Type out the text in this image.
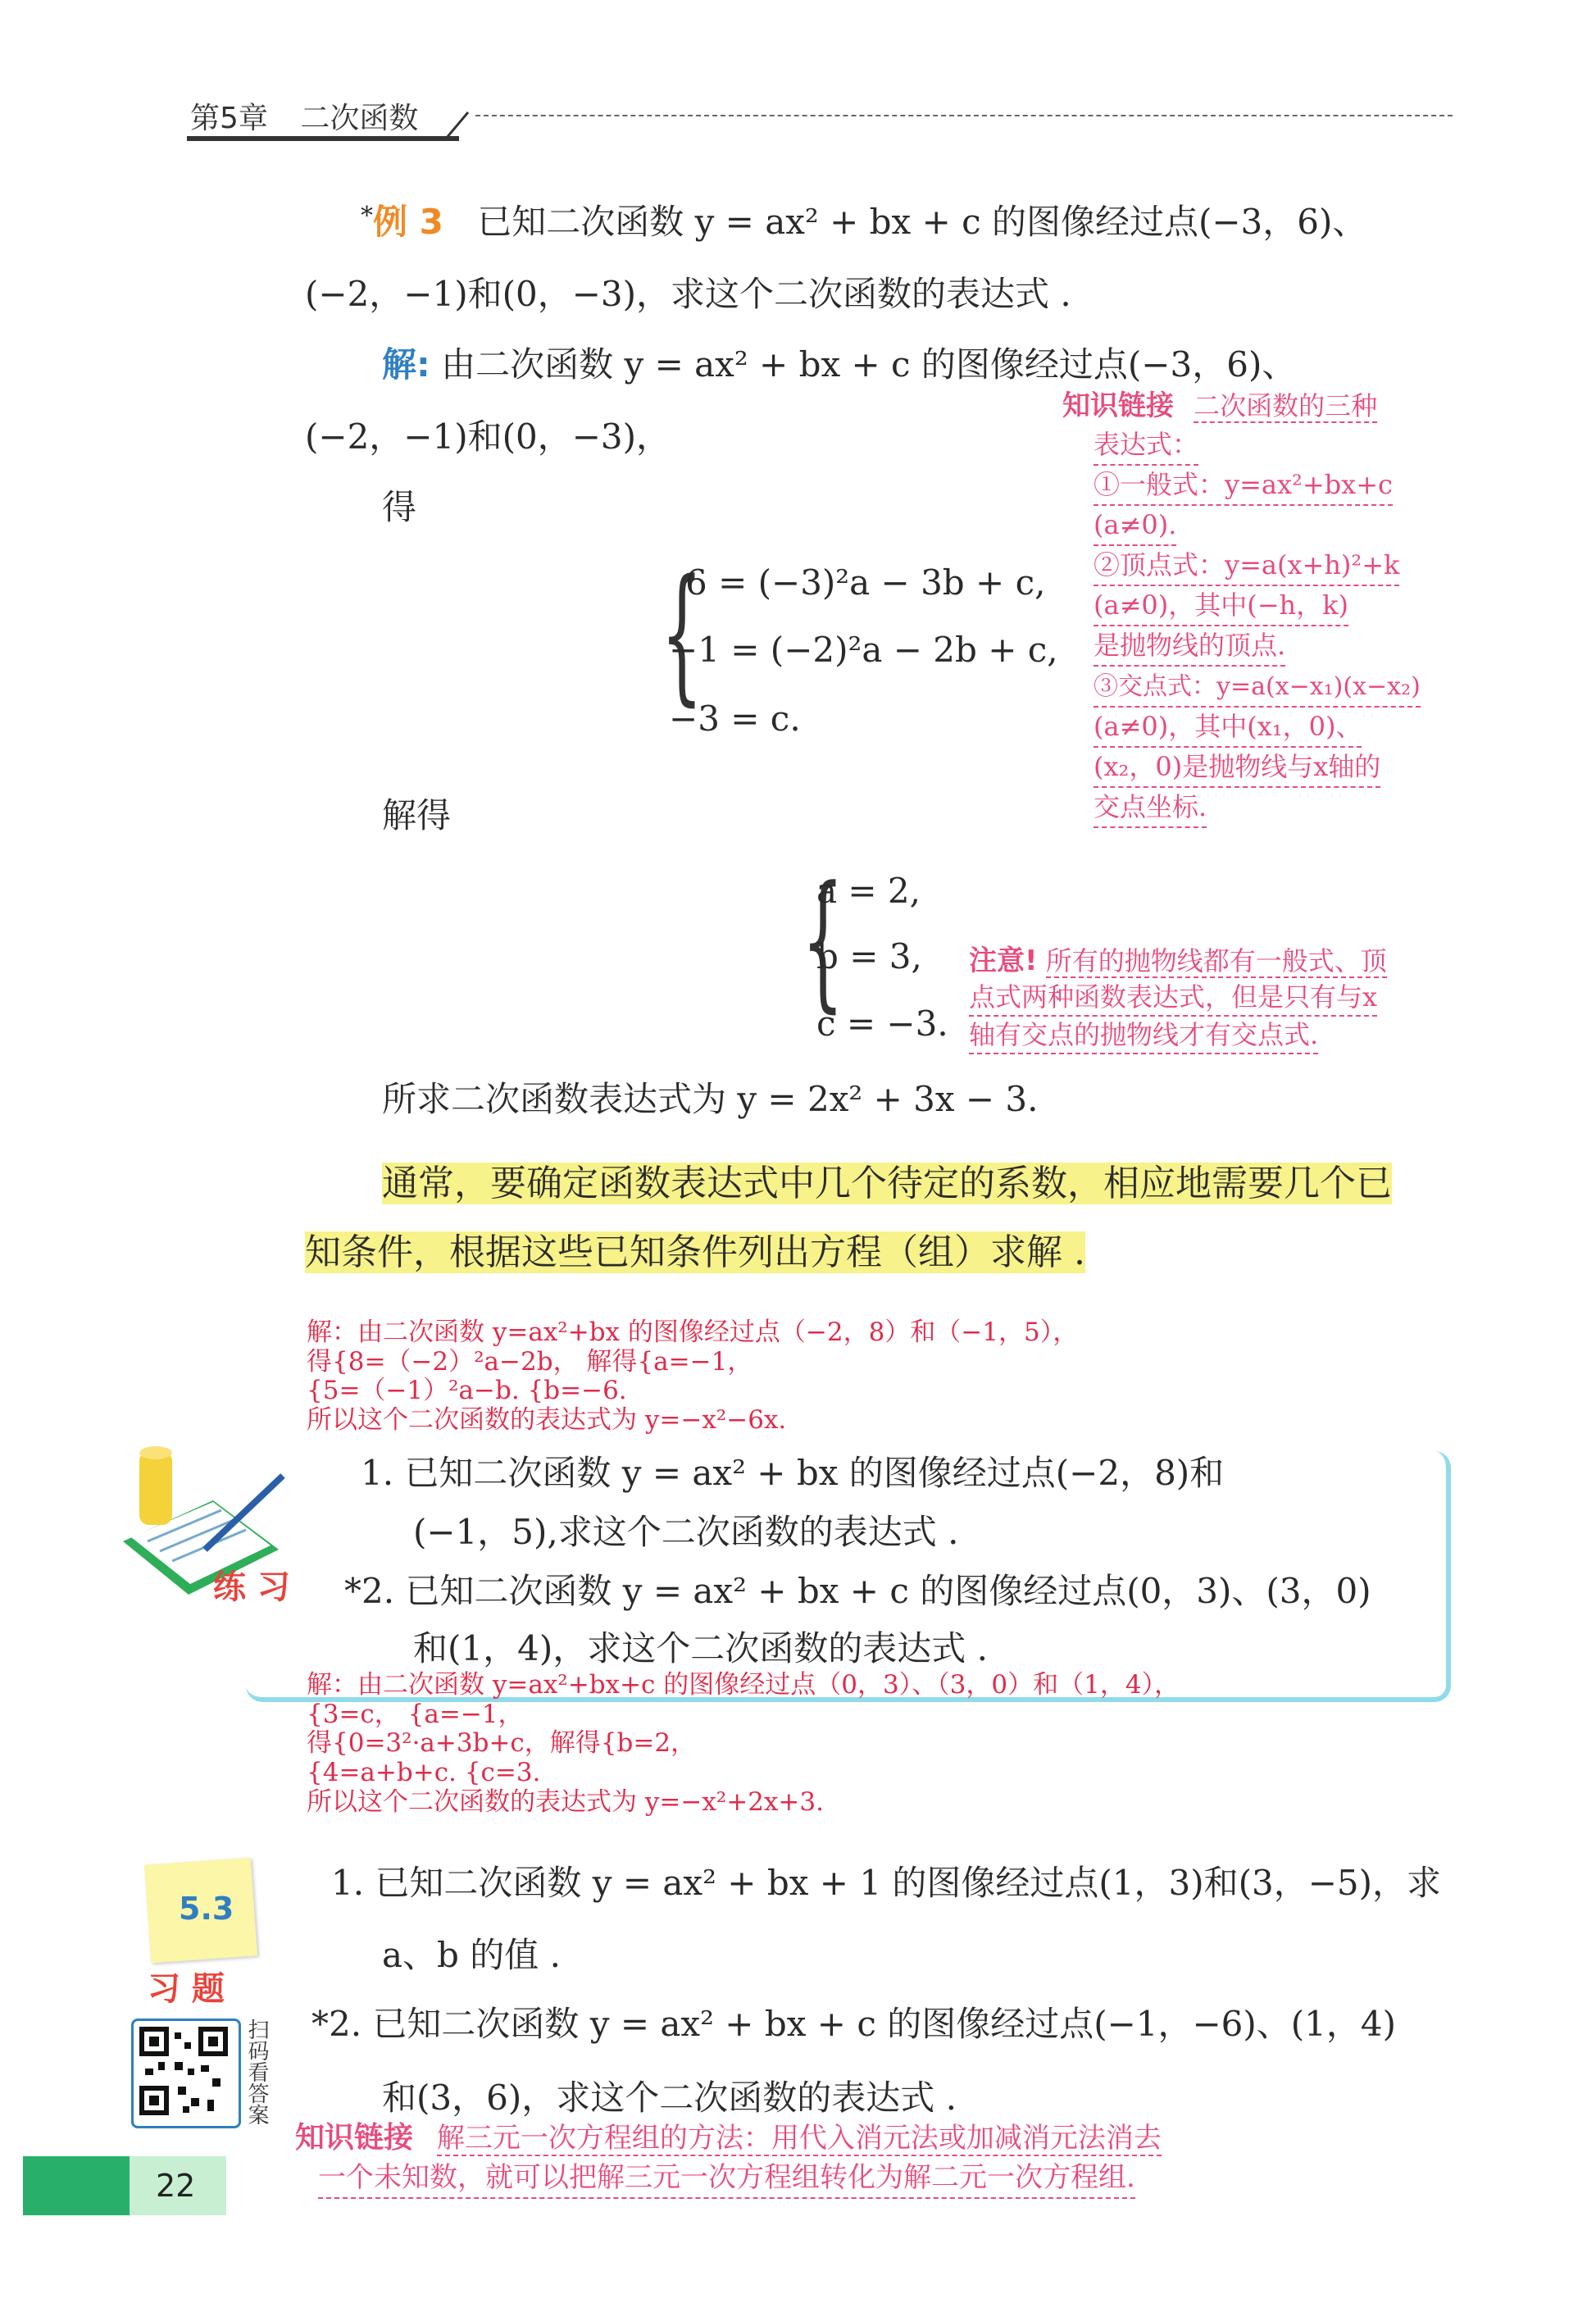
第5章 二次函数
*例 3 已知二次函数 y = ax² + bx + c 的图像经过点(−3，6)、
(−2，−1)和(0，−3)，求这个二次函数的表达式 .
解: 由二次函数 y = ax² + bx + c 的图像经过点(−3，6)、
(−2，−1)和(0，−3)，
得
{
6 = (−3)²a − 3b + c,
−1 = (−2)²a − 2b + c,
−3 = c.
解得
{
a = 2,
b = 3,
c = −3.
所求二次函数表达式为 y = 2x² + 3x − 3.
知识链接 二次函数的三种
表达式：
①一般式：y=ax²+bx+c
(a≠0).
②顶点式：y=a(x+h)²+k
(a≠0)，其中(−h，k)
是抛物线的顶点.
③交点式：y=a(x−x₁)(x−x₂)
(a≠0)，其中(x₁，0)、
(x₂，0)是抛物线与x轴的
交点坐标.
注意! 所有的抛物线都有一般式、顶
点式两种函数表达式，但是只有与x
轴有交点的抛物线才有交点式.
通常，要确定函数表达式中几个待定的系数，相应地需要几个已
知条件，根据这些已知条件列出方程（组）求解 .
解：由二次函数 y=ax²+bx 的图像经过点（−2，8）和（−1，5），
得{8=（−2）²a−2b， 解得{a=−1，
{5=（−1）²a−b. {b=−6.
所以这个二次函数的表达式为 y=−x²−6x.
练 习
1. 已知二次函数 y = ax² + bx 的图像经过点(−2，8)和
(−1，5),求这个二次函数的表达式 .
*2. 已知二次函数 y = ax² + bx + c 的图像经过点(0，3)、(3，0)
和(1，4)，求这个二次函数的表达式 .
解：由二次函数 y=ax²+bx+c 的图像经过点（0，3）、（3，0）和（1，4），
{3=c， {a=−1，
得{0=3²·a+3b+c，解得{b=2，
{4=a+b+c. {c=3.
所以这个二次函数的表达式为 y=−x²+2x+3.
5.3
习 题
扫码看答案
1. 已知二次函数 y = ax² + bx + 1 的图像经过点(1，3)和(3，−5)，求
a、b 的值 .
*2. 已知二次函数 y = ax² + bx + c 的图像经过点(−1，−6)、(1，4)
和(3，6)，求这个二次函数的表达式 .
知识链接 解三元一次方程组的方法：用代入消元法或加减消元法消去
一个未知数，就可以把解三元一次方程组转化为解二元一次方程组.
22
